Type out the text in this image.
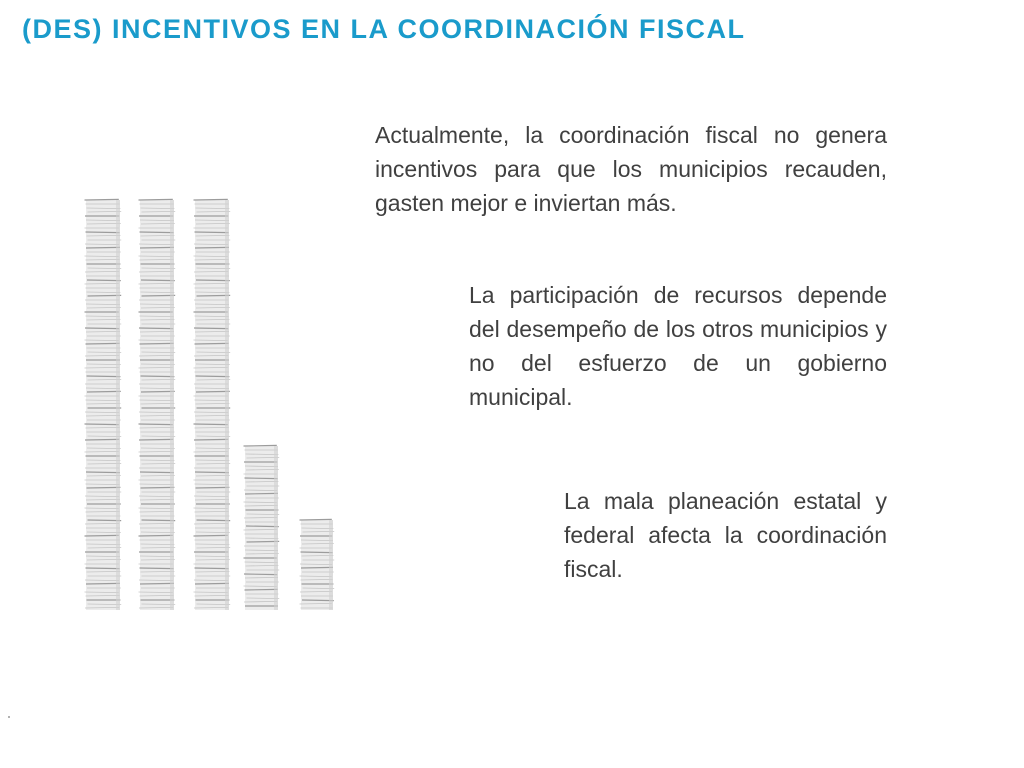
(DES) INCENTIVOS EN LA COORDINACIÓN FISCAL

Actualmente, la coordinación fiscal no genera incentivos para que los municipios recauden, gasten mejor e inviertan más.

La participación de recursos depende del desempeño de los otros municipios y no del esfuerzo de un gobierno municipal.

La mala planeación estatal y federal afecta la coordinación fiscal.
